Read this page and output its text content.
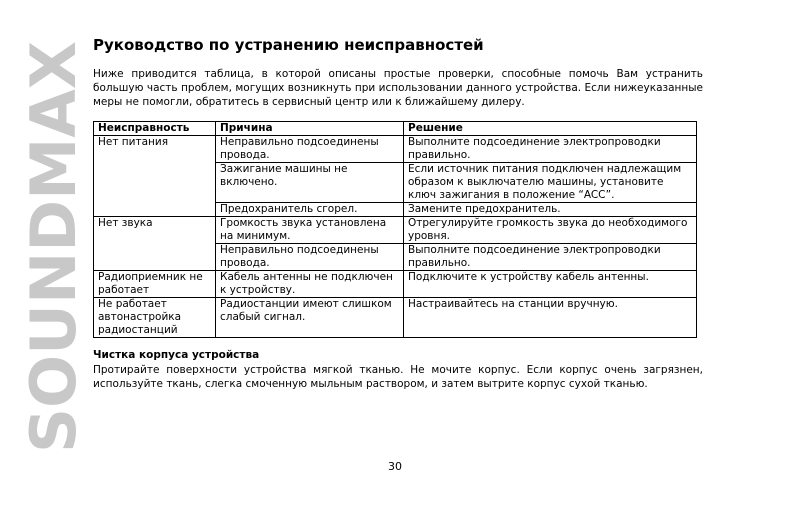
SOUNDMAX Руководство по устранению неисправностей

Ниже приводится таблица, в которой описаны простые проверки, способные помочь Вам устранить большую часть проблем, могущих возникнуть при использовании данного устройства. Если нижеуказанные меры не помогли, обратитесь в сервисный центр или к ближайшему дилеру.

Неисправность	Причина	Решение
Нет питания	Неправильно подсоединены провода.	Выполните подсоединение электропроводки правильно.
	Зажигание машины не включено.	Если источник питания подключен надлежащим образом к выключателю машины, установите ключ зажигания в положение “ACC”.
	Предохранитель сгорел.	Замените предохранитель.
Нет звука	Громкость звука установлена на минимум.	Отрегулируйте громкость звука до необходимого уровня.
	Неправильно подсоединены провода.	Выполните подсоединение электропроводки правильно.
Радиоприемник не работает	Кабель антенны не подключен к устройству.	Подключите к устройству кабель антенны.
Не работает автонастройка радиостанций	Радиостанции имеют слишком слабый сигнал.	Настраивайтесь на станции вручную.
Чистка корпуса устройства

Протирайте поверхности устройства мягкой тканью. Не мочите корпус. Если корпус очень загрязнен, используйте ткань, слегка смоченную мыльным раствором, и затем вытрите корпус сухой тканью.

30
